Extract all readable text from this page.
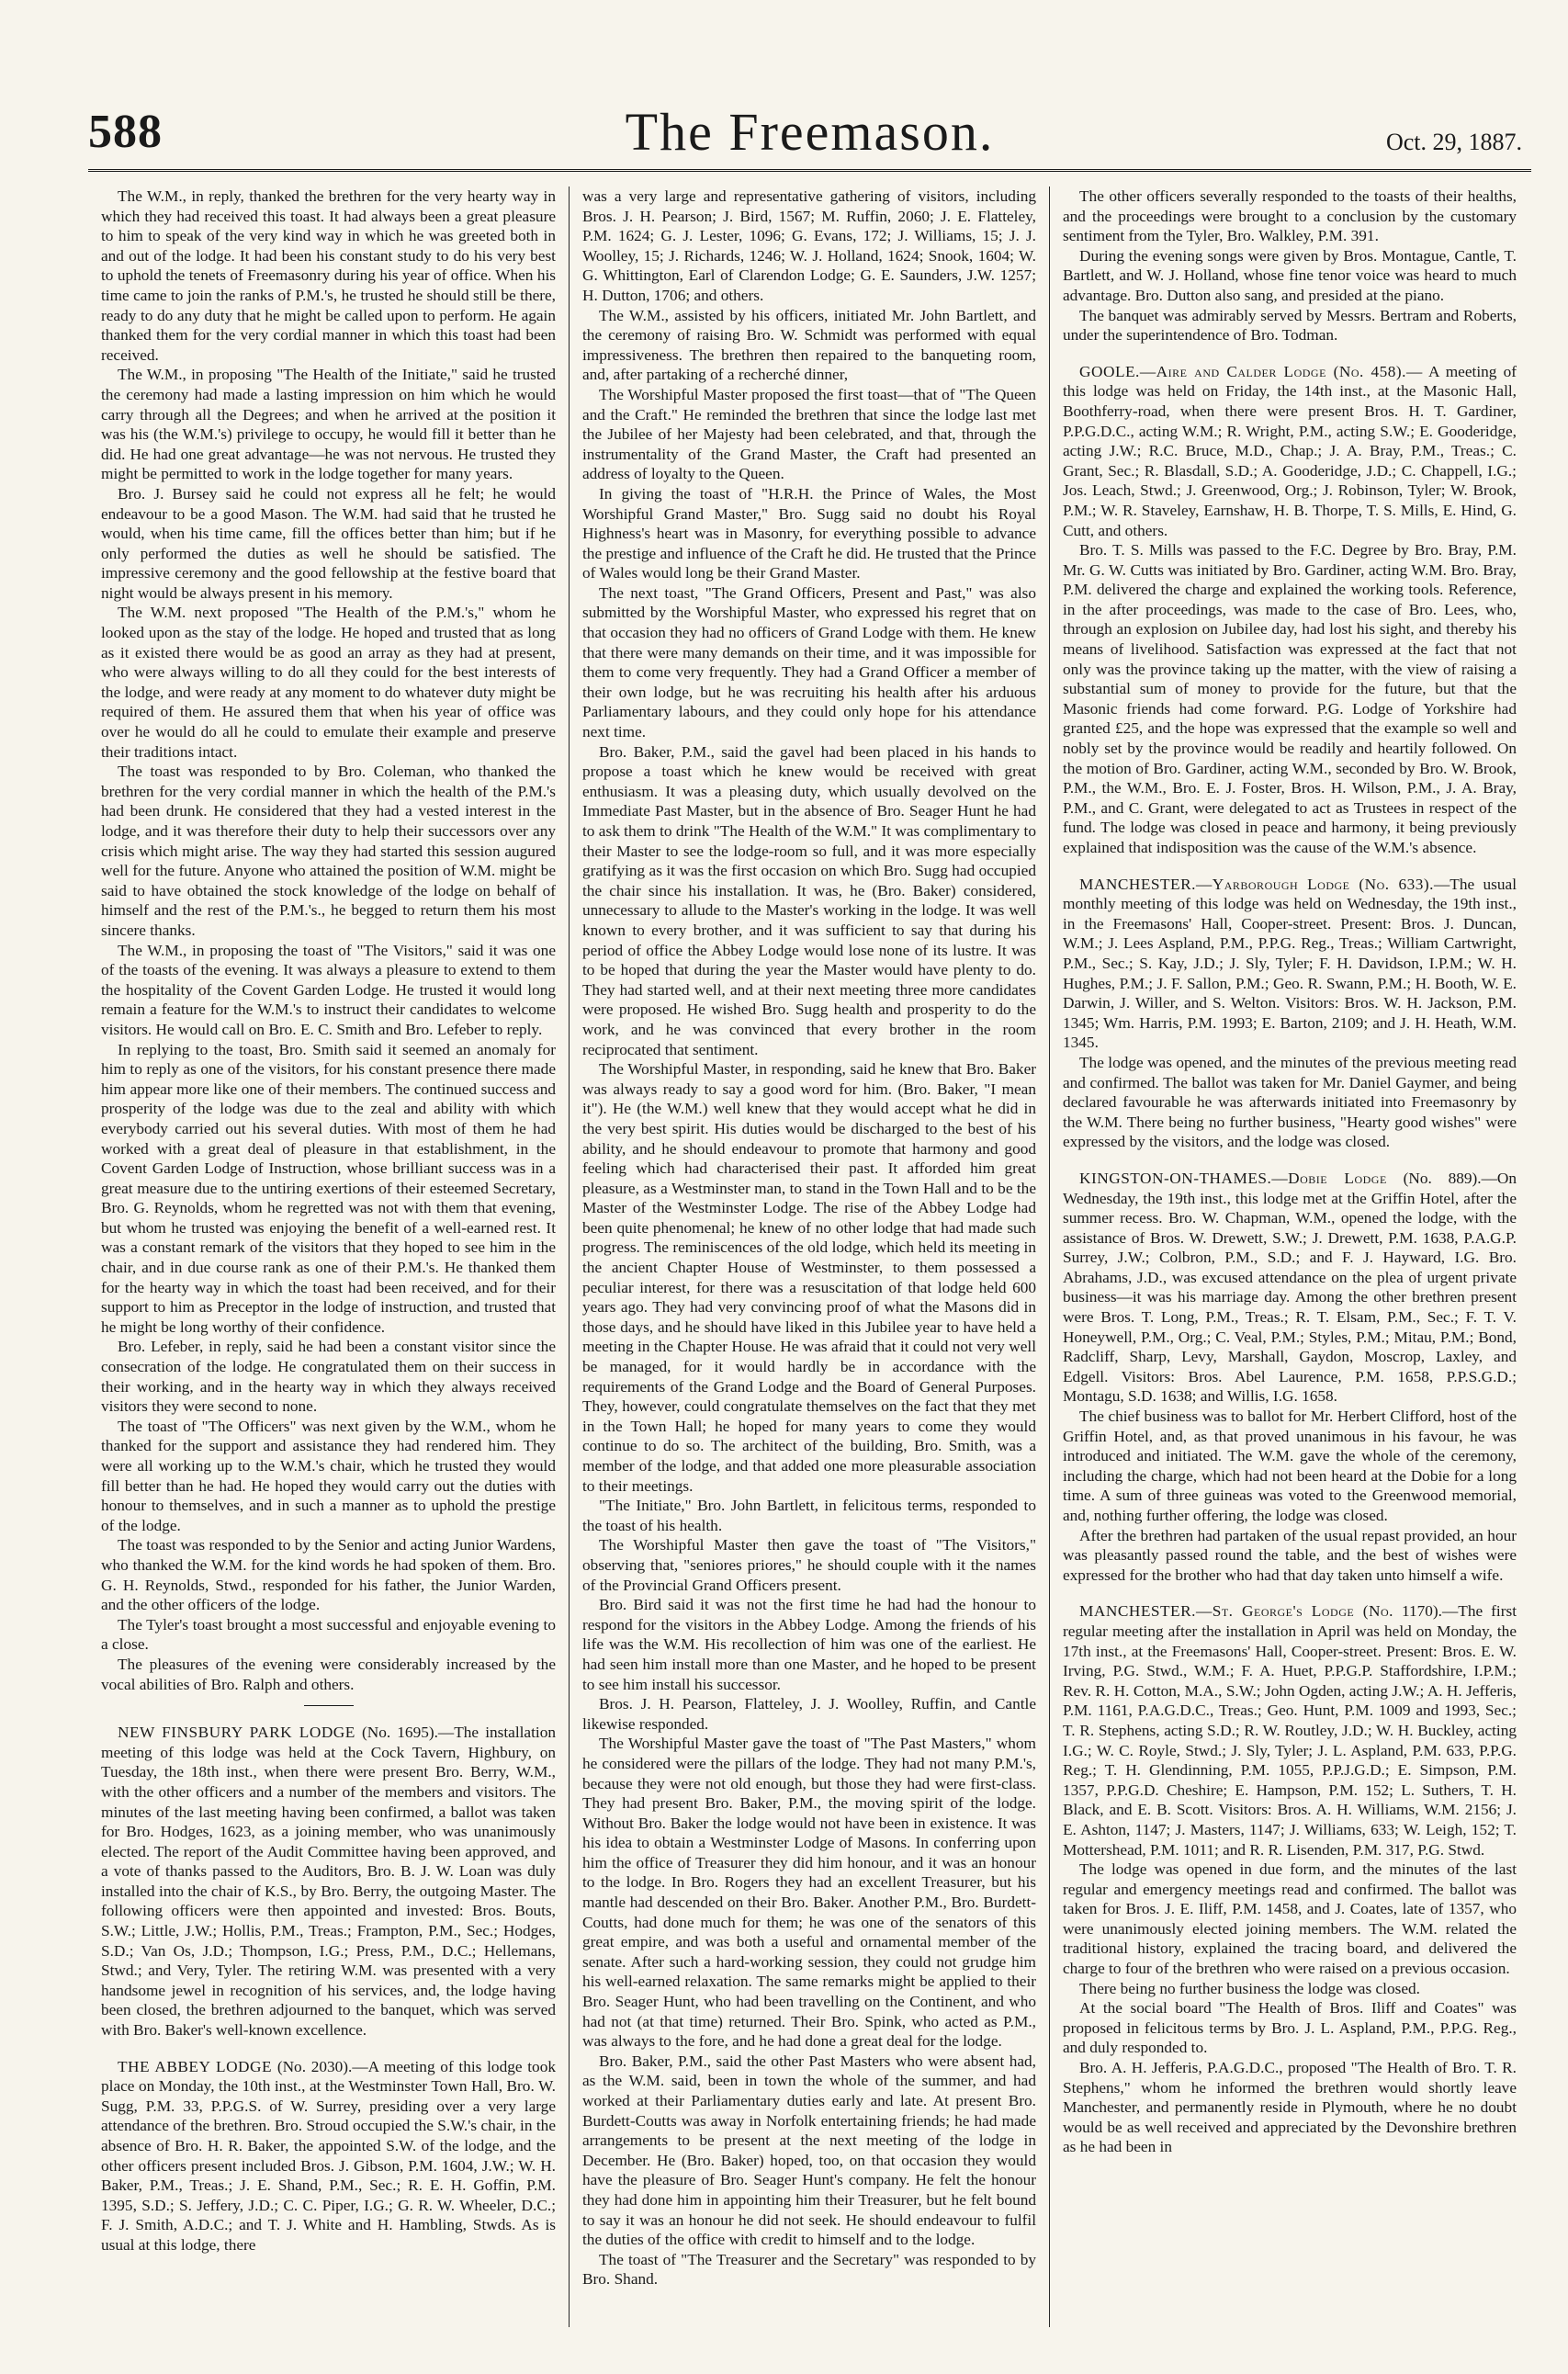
588	The Freemason.	Oct. 29, 1887.

The W.M., in reply, thanked the brethren for the very hearty way in which they had received this toast. It had always been a great pleasure to him to speak of the very kind way in which he was greeted both in and out of the lodge. It had been his constant study to do his very best to uphold the tenets of Freemasonry during his year of office. When his time came to join the ranks of P.M.'s, he trusted he should still be there, ready to do any duty that he might be called upon to perform. He again thanked them for the very cordial manner in which this toast had been received.

The W.M., in proposing "The Health of the Initiate," said he trusted the ceremony had made a lasting impression on him which he would carry through all the Degrees; and when he arrived at the position it was his (the W.M.'s) privilege to occupy, he would fill it better than he did. He had one great advantage—he was not nervous. He trusted they might be permitted to work in the lodge together for many years.

Bro. J. Bursey said he could not express all he felt; he would endeavour to be a good Mason. The W.M. had said that he trusted he would, when his time came, fill the offices better than him; but if he only performed the duties as well he should be satisfied. The impressive ceremony and the good fellowship at the festive board that night would be always present in his memory.

The W.M. next proposed "The Health of the P.M.'s," whom he looked upon as the stay of the lodge. He hoped and trusted that as long as it existed there would be as good an array as they had at present, who were always willing to do all they could for the best interests of the lodge, and were ready at any moment to do whatever duty might be required of them. He assured them that when his year of office was over he would do all he could to emulate their example and preserve their traditions intact.

The toast was responded to by Bro. Coleman, who thanked the brethren for the very cordial manner in which the health of the P.M.'s had been drunk. He considered that they had a vested interest in the lodge, and it was therefore their duty to help their successors over any crisis which might arise. The way they had started this session augured well for the future. Anyone who attained the position of W.M. might be said to have obtained the stock knowledge of the lodge on behalf of himself and the rest of the P.M.'s., he begged to return them his most sincere thanks.

The W.M., in proposing the toast of "The Visitors," said it was one of the toasts of the evening. It was always a pleasure to extend to them the hospitality of the Covent Garden Lodge. He trusted it would long remain a feature for the W.M.'s to instruct their candidates to welcome visitors. He would call on Bro. E. C. Smith and Bro. Lefeber to reply.

In replying to the toast, Bro. Smith said it seemed an anomaly for him to reply as one of the visitors, for his constant presence there made him appear more like one of their members. The continued success and prosperity of the lodge was due to the zeal and ability with which everybody carried out his several duties. With most of them he had worked with a great deal of pleasure in that establishment, in the Covent Garden Lodge of Instruction, whose brilliant success was in a great measure due to the untiring exertions of their esteemed Secretary, Bro. G. Reynolds, whom he regretted was not with them that evening, but whom he trusted was enjoying the benefit of a well-earned rest. It was a constant remark of the visitors that they hoped to see him in the chair, and in due course rank as one of their P.M.'s. He thanked them for the hearty way in which the toast had been received, and for their support to him as Preceptor in the lodge of instruction, and trusted that he might be long worthy of their confidence.

Bro. Lefeber, in reply, said he had been a constant visitor since the consecration of the lodge. He congratulated them on their success in their working, and in the hearty way in which they always received visitors they were second to none.

The toast of "The Officers" was next given by the W.M., whom he thanked for the support and assistance they had rendered him. They were all working up to the W.M.'s chair, which he trusted they would fill better than he had. He hoped they would carry out the duties with honour to themselves, and in such a manner as to uphold the prestige of the lodge.

The toast was responded to by the Senior and acting Junior Wardens, who thanked the W.M. for the kind words he had spoken of them. Bro. G. H. Reynolds, Stwd., responded for his father, the Junior Warden, and the other officers of the lodge.

The Tyler's toast brought a most successful and enjoyable evening to a close.

The pleasures of the evening were considerably increased by the vocal abilities of Bro. Ralph and others.

NEW FINSBURY PARK LODGE (No. 1695).—The installation meeting of this lodge was held at the Cock Tavern, Highbury, on Tuesday, the 18th inst., when there were present Bro. Berry, W.M., with the other officers and a number of the members and visitors. The minutes of the last meeting having been confirmed, a ballot was taken for Bro. Hodges, 1623, as a joining member, who was unanimously elected. The report of the Audit Committee having been approved, and a vote of thanks passed to the Auditors, Bro. B. J. W. Loan was duly installed into the chair of K.S., by Bro. Berry, the outgoing Master. The following officers were then appointed and invested: Bros. Bouts, S.W.; Little, J.W.; Hollis, P.M., Treas.; Frampton, P.M., Sec.; Hodges, S.D.; Van Os, J.D.; Thompson, I.G.; Press, P.M., D.C.; Hellemans, Stwd.; and Very, Tyler. The retiring W.M. was presented with a very handsome jewel in recognition of his services, and, the lodge having been closed, the brethren adjourned to the banquet, which was served with Bro. Baker's well-known excellence.

THE ABBEY LODGE (No. 2030).—A meeting of this lodge took place on Monday, the 10th inst., at the Westminster Town Hall, Bro. W. Sugg, P.M. 33, P.P.G.S. of W. Surrey, presiding over a very large attendance of the brethren. Bro. Stroud occupied the S.W.'s chair, in the absence of Bro. H. R. Baker, the appointed S.W. of the lodge, and the other officers present included Bros. J. Gibson, P.M. 1604, J.W.; W. H. Baker, P.M., Treas.; J. E. Shand, P.M., Sec.; R. E. H. Goffin, P.M. 1395, S.D.; S. Jeffery, J.D.; C. C. Piper, I.G.; G. R. W. Wheeler, D.C.; F. J. Smith, A.D.C.; and T. J. White and H. Hambling, Stwds. As is usual at this lodge, there

was a very large and representative gathering of visitors, including Bros. J. H. Pearson; J. Bird, 1567; M. Ruffin, 2060; J. E. Flatteley, P.M. 1624; G. J. Lester, 1096; G. Evans, 172; J. Williams, 15; J. J. Woolley, 15; J. Richards, 1246; W. J. Holland, 1624; Snook, 1604; W. G. Whittington, Earl of Clarendon Lodge; G. E. Saunders, J.W. 1257; H. Dutton, 1706; and others.

The W.M., assisted by his officers, initiated Mr. John Bartlett, and the ceremony of raising Bro. W. Schmidt was performed with equal impressiveness. The brethren then repaired to the banqueting room, and, after partaking of a recherché dinner,

The Worshipful Master proposed the first toast—that of "The Queen and the Craft." He reminded the brethren that since the lodge last met the Jubilee of her Majesty had been celebrated, and that, through the instrumentality of the Grand Master, the Craft had presented an address of loyalty to the Queen.

In giving the toast of "H.R.H. the Prince of Wales, the Most Worshipful Grand Master," Bro. Sugg said no doubt his Royal Highness's heart was in Masonry, for everything possible to advance the prestige and influence of the Craft he did. He trusted that the Prince of Wales would long be their Grand Master.

The next toast, "The Grand Officers, Present and Past," was also submitted by the Worshipful Master, who expressed his regret that on that occasion they had no officers of Grand Lodge with them. He knew that there were many demands on their time, and it was impossible for them to come very frequently. They had a Grand Officer a member of their own lodge, but he was recruiting his health after his arduous Parliamentary labours, and they could only hope for his attendance next time.

Bro. Baker, P.M., said the gavel had been placed in his hands to propose a toast which he knew would be received with great enthusiasm. It was a pleasing duty, which usually devolved on the Immediate Past Master, but in the absence of Bro. Seager Hunt he had to ask them to drink "The Health of the W.M." It was complimentary to their Master to see the lodge-room so full, and it was more especially gratifying as it was the first occasion on which Bro. Sugg had occupied the chair since his installation. It was, he (Bro. Baker) considered, unnecessary to allude to the Master's working in the lodge. It was well known to every brother, and it was sufficient to say that during his period of office the Abbey Lodge would lose none of its lustre. It was to be hoped that during the year the Master would have plenty to do. They had started well, and at their next meeting three more candidates were proposed. He wished Bro. Sugg health and prosperity to do the work, and he was convinced that every brother in the room reciprocated that sentiment.

The Worshipful Master, in responding, said he knew that Bro. Baker was always ready to say a good word for him. (Bro. Baker, "I mean it"). He (the W.M.) well knew that they would accept what he did in the very best spirit. His duties would be discharged to the best of his ability, and he should endeavour to promote that harmony and good feeling which had characterised their past. It afforded him great pleasure, as a Westminster man, to stand in the Town Hall and to be the Master of the Westminster Lodge. The rise of the Abbey Lodge had been quite phenomenal; he knew of no other lodge that had made such progress. The reminiscences of the old lodge, which held its meeting in the ancient Chapter House of Westminster, to them possessed a peculiar interest, for there was a resuscitation of that lodge held 600 years ago. They had very convincing proof of what the Masons did in those days, and he should have liked in this Jubilee year to have held a meeting in the Chapter House. He was afraid that it could not very well be managed, for it would hardly be in accordance with the requirements of the Grand Lodge and the Board of General Purposes. They, however, could congratulate themselves on the fact that they met in the Town Hall; he hoped for many years to come they would continue to do so. The architect of the building, Bro. Smith, was a member of the lodge, and that added one more pleasurable association to their meetings.

"The Initiate," Bro. John Bartlett, in felicitous terms, responded to the toast of his health.

The Worshipful Master then gave the toast of "The Visitors," observing that, "seniores priores," he should couple with it the names of the Provincial Grand Officers present.

Bro. Bird said it was not the first time he had had the honour to respond for the visitors in the Abbey Lodge. Among the friends of his life was the W.M. His recollection of him was one of the earliest. He had seen him install more than one Master, and he hoped to be present to see him install his successor.

Bros. J. H. Pearson, Flatteley, J. J. Woolley, Ruffin, and Cantle likewise responded.

The Worshipful Master gave the toast of "The Past Masters," whom he considered were the pillars of the lodge. They had not many P.M.'s, because they were not old enough, but those they had were first-class. They had present Bro. Baker, P.M., the moving spirit of the lodge. Without Bro. Baker the lodge would not have been in existence. It was his idea to obtain a Westminster Lodge of Masons. In conferring upon him the office of Treasurer they did him honour, and it was an honour to the lodge. In Bro. Rogers they had an excellent Treasurer, but his mantle had descended on their Bro. Baker. Another P.M., Bro. Burdett-Coutts, had done much for them; he was one of the senators of this great empire, and was both a useful and ornamental member of the senate. After such a hard-working session, they could not grudge him his well-earned relaxation. The same remarks might be applied to their Bro. Seager Hunt, who had been travelling on the Continent, and who had not (at that time) returned. Their Bro. Spink, who acted as P.M., was always to the fore, and he had done a great deal for the lodge.

Bro. Baker, P.M., said the other Past Masters who were absent had, as the W.M. said, been in town the whole of the summer, and had worked at their Parliamentary duties early and late. At present Bro. Burdett-Coutts was away in Norfolk entertaining friends; he had made arrangements to be present at the next meeting of the lodge in December. He (Bro. Baker) hoped, too, on that occasion they would have the pleasure of Bro. Seager Hunt's company. He felt the honour they had done him in appointing him their Treasurer, but he felt bound to say it was an honour he did not seek. He should endeavour to fulfil the duties of the office with credit to himself and to the lodge.

The toast of "The Treasurer and the Secretary" was responded to by Bro. Shand.

The other officers severally responded to the toasts of their healths, and the proceedings were brought to a conclusion by the customary sentiment from the Tyler, Bro. Walkley, P.M. 391.

During the evening songs were given by Bros. Montague, Cantle, T. Bartlett, and W. J. Holland, whose fine tenor voice was heard to much advantage. Bro. Dutton also sang, and presided at the piano.

The banquet was admirably served by Messrs. Bertram and Roberts, under the superintendence of Bro. Todman.

GOOLE.—Aire and Calder Lodge (No. 458).— A meeting of this lodge was held on Friday, the 14th inst., at the Masonic Hall, Boothferry-road, when there were present Bros. H. T. Gardiner, P.P.G.D.C., acting W.M.; R. Wright, P.M., acting S.W.; E. Gooderidge, acting J.W.; R.C. Bruce, M.D., Chap.; J. A. Bray, P.M., Treas.; C. Grant, Sec.; R. Blasdall, S.D.; A. Gooderidge, J.D.; C. Chappell, I.G.; Jos. Leach, Stwd.; J. Greenwood, Org.; J. Robinson, Tyler; W. Brook, P.M.; W. R. Staveley, Earnshaw, H. B. Thorpe, T. S. Mills, E. Hind, G. Cutt, and others.

Bro. T. S. Mills was passed to the F.C. Degree by Bro. Bray, P.M. Mr. G. W. Cutts was initiated by Bro. Gardiner, acting W.M. Bro. Bray, P.M. delivered the charge and explained the working tools. Reference, in the after proceedings, was made to the case of Bro. Lees, who, through an explosion on Jubilee day, had lost his sight, and thereby his means of livelihood. Satisfaction was expressed at the fact that not only was the province taking up the matter, with the view of raising a substantial sum of money to provide for the future, but that the Masonic friends had come forward. P.G. Lodge of Yorkshire had granted £25, and the hope was expressed that the example so well and nobly set by the province would be readily and heartily followed. On the motion of Bro. Gardiner, acting W.M., seconded by Bro. W. Brook, P.M., the W.M., Bro. E. J. Foster, Bros. H. Wilson, P.M., J. A. Bray, P.M., and C. Grant, were delegated to act as Trustees in respect of the fund. The lodge was closed in peace and harmony, it being previously explained that indisposition was the cause of the W.M.'s absence.

MANCHESTER.—Yarborough Lodge (No. 633).—The usual monthly meeting of this lodge was held on Wednesday, the 19th inst., in the Freemasons' Hall, Cooper-street. Present: Bros. J. Duncan, W.M.; J. Lees Aspland, P.M., P.P.G. Reg., Treas.; William Cartwright, P.M., Sec.; S. Kay, J.D.; J. Sly, Tyler; F. H. Davidson, I.P.M.; W. H. Hughes, P.M.; J. F. Sallon, P.M.; Geo. R. Swann, P.M.; H. Booth, W. E. Darwin, J. Willer, and S. Welton. Visitors: Bros. W. H. Jackson, P.M. 1345; Wm. Harris, P.M. 1993; E. Barton, 2109; and J. H. Heath, W.M. 1345.

The lodge was opened, and the minutes of the previous meeting read and confirmed. The ballot was taken for Mr. Daniel Gaymer, and being declared favourable he was afterwards initiated into Freemasonry by the W.M. There being no further business, "Hearty good wishes" were expressed by the visitors, and the lodge was closed.

KINGSTON-ON-THAMES.—Dobie Lodge (No. 889).—On Wednesday, the 19th inst., this lodge met at the Griffin Hotel, after the summer recess. Bro. W. Chapman, W.M., opened the lodge, with the assistance of Bros. W. Drewett, S.W.; J. Drewett, P.M. 1638, P.A.G.P. Surrey, J.W.; Colbron, P.M., S.D.; and F. J. Hayward, I.G. Bro. Abrahams, J.D., was excused attendance on the plea of urgent private business—it was his marriage day. Among the other brethren present were Bros. T. Long, P.M., Treas.; R. T. Elsam, P.M., Sec.; F. T. V. Honeywell, P.M., Org.; C. Veal, P.M.; Styles, P.M.; Mitau, P.M.; Bond, Radcliff, Sharp, Levy, Marshall, Gaydon, Moscrop, Laxley, and Edgell. Visitors: Bros. Abel Laurence, P.M. 1658, P.P.S.G.D.; Montagu, S.D. 1638; and Willis, I.G. 1658.

The chief business was to ballot for Mr. Herbert Clifford, host of the Griffin Hotel, and, as that proved unanimous in his favour, he was introduced and initiated. The W.M. gave the whole of the ceremony, including the charge, which had not been heard at the Dobie for a long time. A sum of three guineas was voted to the Greenwood memorial, and, nothing further offering, the lodge was closed.

After the brethren had partaken of the usual repast provided, an hour was pleasantly passed round the table, and the best of wishes were expressed for the brother who had that day taken unto himself a wife.

MANCHESTER.—St. George's Lodge (No. 1170).—The first regular meeting after the installation in April was held on Monday, the 17th inst., at the Freemasons' Hall, Cooper-street. Present: Bros. E. W. Irving, P.G. Stwd., W.M.; F. A. Huet, P.P.G.P. Staffordshire, I.P.M.; Rev. R. H. Cotton, M.A., S.W.; John Ogden, acting J.W.; A. H. Jefferis, P.M. 1161, P.A.G.D.C., Treas.; Geo. Hunt, P.M. 1009 and 1993, Sec.; T. R. Stephens, acting S.D.; R. W. Routley, J.D.; W. H. Buckley, acting I.G.; W. C. Royle, Stwd.; J. Sly, Tyler; J. L. Aspland, P.M. 633, P.P.G. Reg.; T. H. Glendinning, P.M. 1055, P.P.J.G.D.; E. Simpson, P.M. 1357, P.P.G.D. Cheshire; E. Hampson, P.M. 152; L. Suthers, T. H. Black, and E. B. Scott. Visitors: Bros. A. H. Williams, W.M. 2156; J. E. Ashton, 1147; J. Masters, 1147; J. Williams, 633; W. Leigh, 152; T. Mottershead, P.M. 1011; and R. R. Lisenden, P.M. 317, P.G. Stwd.

The lodge was opened in due form, and the minutes of the last regular and emergency meetings read and confirmed. The ballot was taken for Bros. J. E. Iliff, P.M. 1458, and J. Coates, late of 1357, who were unanimously elected joining members. The W.M. related the traditional history, explained the tracing board, and delivered the charge to four of the brethren who were raised on a previous occasion.

There being no further business the lodge was closed.

At the social board "The Health of Bros. Iliff and Coates" was proposed in felicitous terms by Bro. J. L. Aspland, P.M., P.P.G. Reg., and duly responded to.

Bro. A. H. Jefferis, P.A.G.D.C., proposed "The Health of Bro. T. R. Stephens," whom he informed the brethren would shortly leave Manchester, and permanently reside in Plymouth, where he no doubt would be as well received and appreciated by the Devonshire brethren as he had been in
